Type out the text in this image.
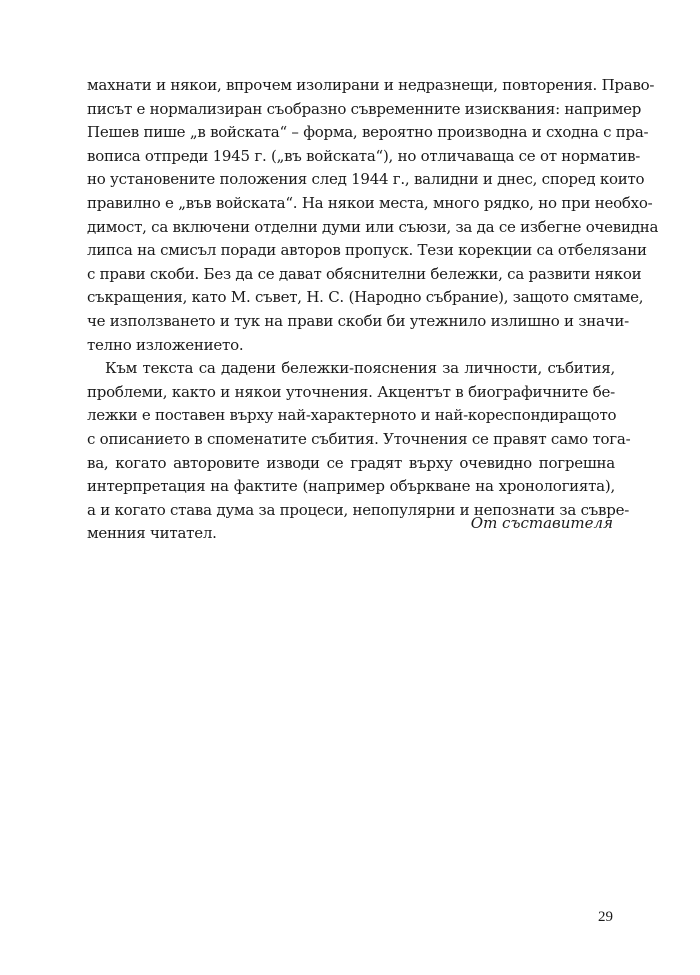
махнати и някои, впрочем изолирани и недразнещи, повторения. Право-
писът е нормализиран съобразно съвременните изисквания: например
Пешев пише „в войската“ – форма, вероятно производна и сходна с пра-
вописа отпреди 1945 г. („въ войската“), но отличаваща се от норматив-
но установените положения след 1944 г., валидни и днес, според които
правилно е „във войската“. На някои места, много рядко, но при необхо-
димост, са включени отделни думи или съюзи, за да се избегне очевидна
липса на смисъл поради авторов пропуск. Тези корекции са отбелязани
с прави скоби. Без да се дават обяснителни бележки, са развити някои
съкращения, като М. съвет, Н. С. (Народно събрание), защото смятаме,
че използването и тук на прави скоби би утежнило излишно и значи-
телно изложението.
Към текста са дадени бележки-пояснения за личности, събития,
проблеми, както и някои уточнения. Акцентът в биографичните бе-
лежки е поставен върху най-характерното и най-кореспондиращото
с описанието в споменатите събития. Уточнения се правят само тога-
ва, когато авторовите изводи се градят върху очевидно погрешна
интерпретация на фактите (например объркване на хронологията),
а и когато става дума за процеси, непопулярни и непознати за съвре-
менния читател.
От съставителя
29
